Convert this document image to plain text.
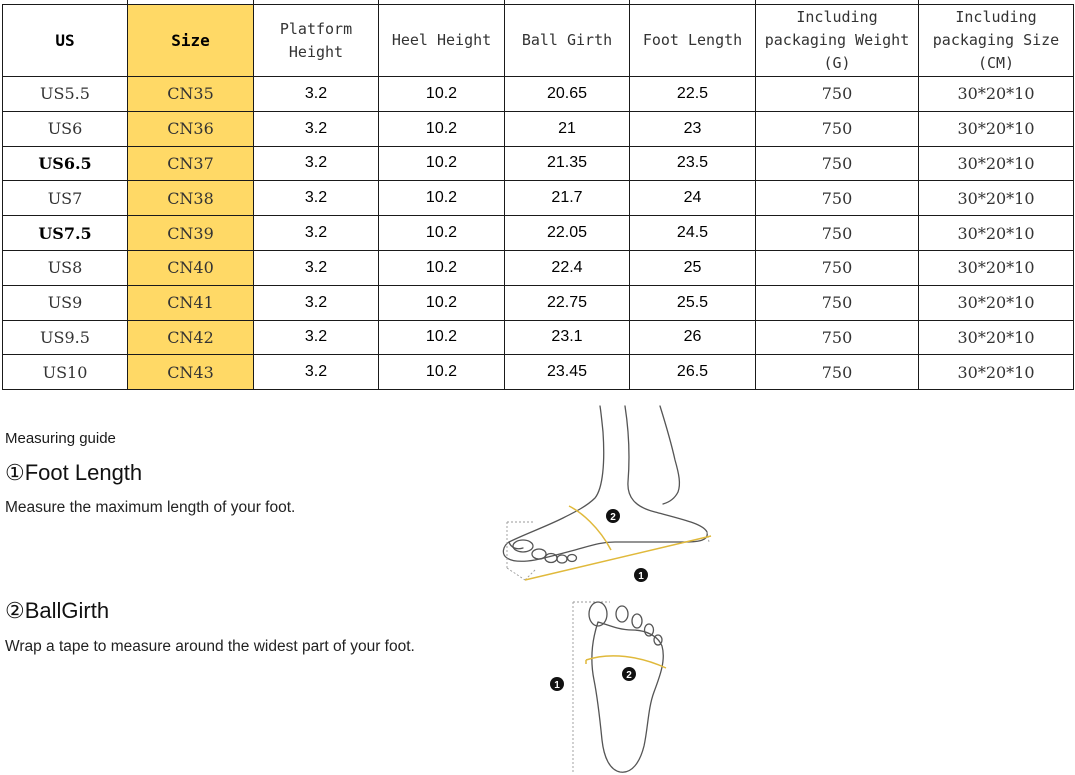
US	Size	Platform Height	Heel Height	Ball Girth	Foot Length	Including packaging Weight (G)	Including packaging Size (CM)
US5.5	CN35	3.2	10.2	20.65	22.5	750	30*20*10
US6	CN36	3.2	10.2	21	23	750	30*20*10
US6.5	CN37	3.2	10.2	21.35	23.5	750	30*20*10
US7	CN38	3.2	10.2	21.7	24	750	30*20*10
US7.5	CN39	3.2	10.2	22.05	24.5	750	30*20*10
US8	CN40	3.2	10.2	22.4	25	750	30*20*10
US9	CN41	3.2	10.2	22.75	25.5	750	30*20*10
US9.5	CN42	3.2	10.2	23.1	26	750	30*20*10
US10	CN43	3.2	10.2	23.45	26.5	750	30*20*10
Measuring guide
①Foot Length
Measure the maximum length of your foot.
②BallGirth
Wrap a tape to measure around the widest part of your foot.
2
1
2
1
